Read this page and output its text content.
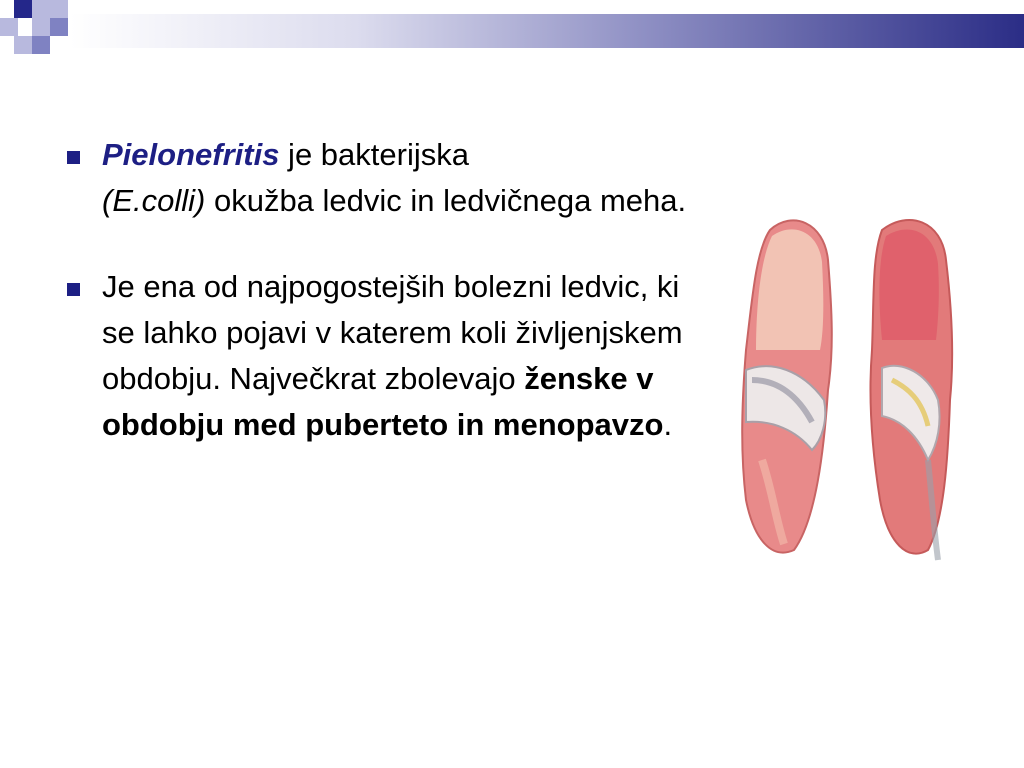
Pielonefritis je bakterijska
(E.colli) okužba ledvic in ledvičnega meha.
Je ena od najpogostejših bolezni ledvic, ki se lahko pojavi v katerem koli življenjskem obdobju. Največkrat zbolevajo ženske v obdobju med puberteto in menopavzo.
